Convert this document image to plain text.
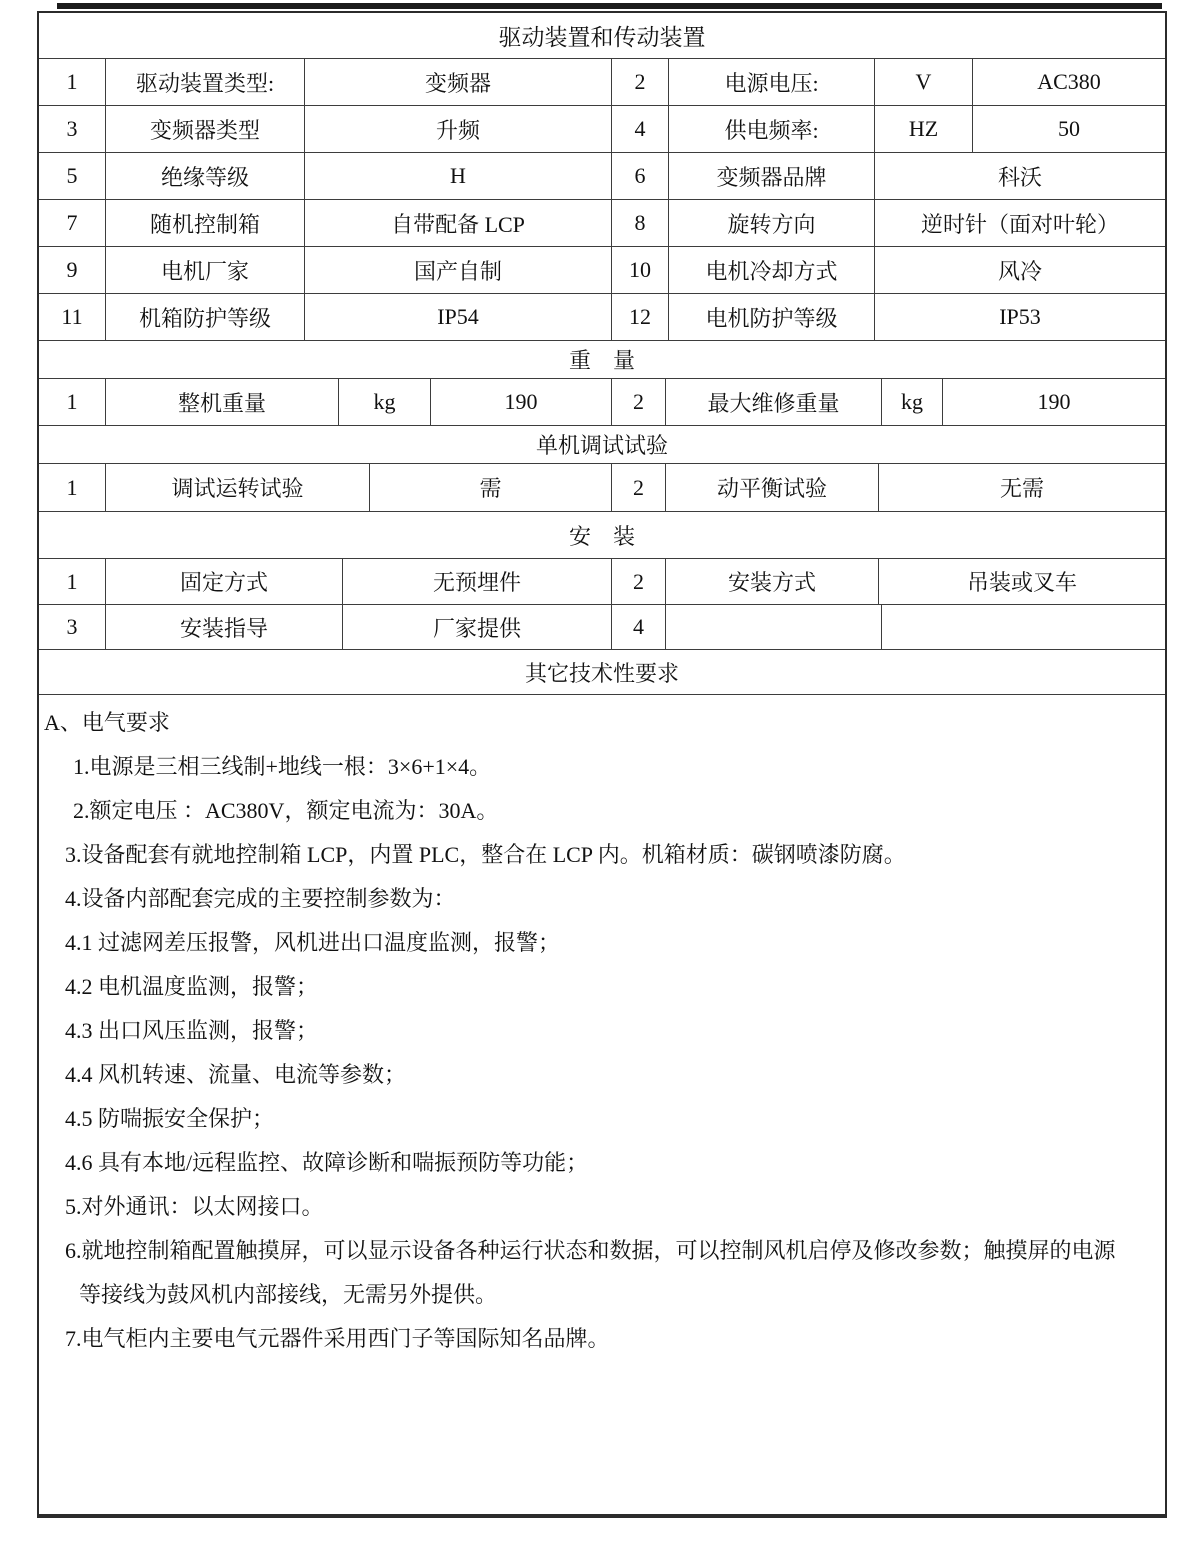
驱动装置和传动装置
1	驱动装置类型:	变频器	2	电源电压:	V	AC380
3	变频器类型	升频	4	供电频率:	HZ	50
5	绝缘等级	H	6	变频器品牌	科沃
7	随机控制箱	自带配备 LCP	8	旋转方向	逆时针（面对叶轮）
9	电机厂家	国产自制	10	电机冷却方式	风冷
11	机箱防护等级	IP54	12	电机防护等级	IP53
重　量
1	整机重量	kg	190	2	最大维修重量	kg	190
单机调试试验
1	调试运转试验	需	2	动平衡试验	无需
安　装
1	固定方式	无预埋件	2	安装方式	吊装或叉车
3	安装指导	厂家提供	4
其它技术性要求
A、电气要求
1.电源是三相三线制+地线一根：3×6+1×4。
2.额定电压 ：AC380V，额定电流为：30A。
3.设备配套有就地控制箱 LCP，内置 PLC，整合在 LCP 内。机箱材质：碳钢喷漆防腐。
4.设备内部配套完成的主要控制参数为：
4.1 过滤网差压报警，风机进出口温度监测，报警；
4.2 电机温度监测，报警；
4.3 出口风压监测，报警；
4.4 风机转速、流量、电流等参数；
4.5 防喘振安全保护；
4.6 具有本地/远程监控、故障诊断和喘振预防等功能；
5.对外通讯：以太网接口。
6.就地控制箱配置触摸屏，可以显示设备各种运行状态和数据，可以控制风机启停及修改参数；触摸屏的电源
等接线为鼓风机内部接线，无需另外提供。
7.电气柜内主要电气元器件采用西门子等国际知名品牌。
